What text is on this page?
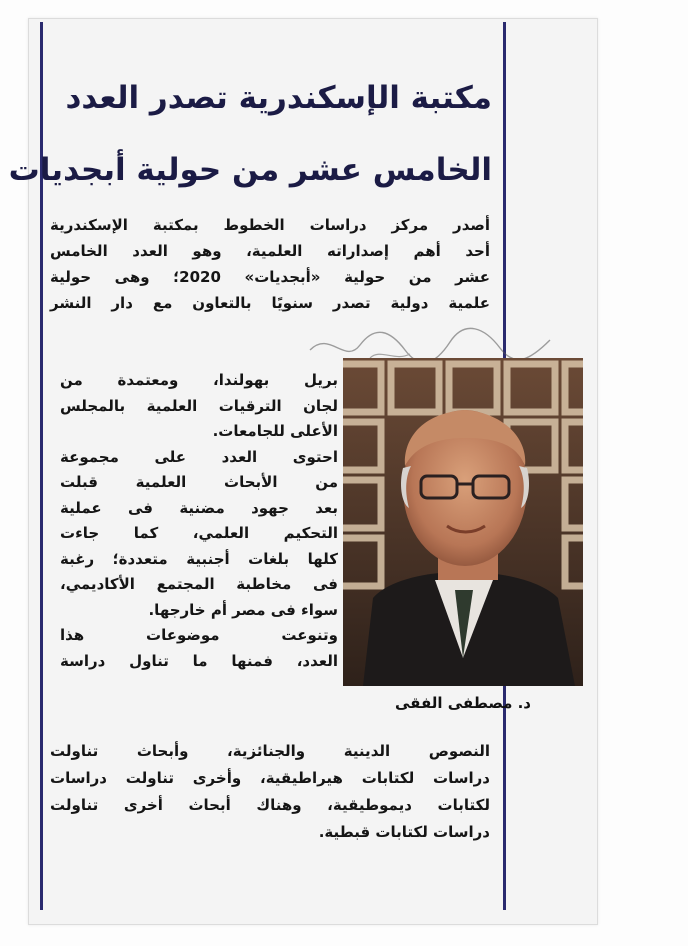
مكتبة الإسكندرية تصدر العدد
الخامس عشر من حولية أبجديات
أصدر مركز دراسات الخطوط بمكتبة الإسكندرية
أحد أهم إصداراته العلمية، وهو العدد الخامس
عشر من حولية «أبجديات» 2020؛ وهى حولية
علمية دولية تصدر سنويًا بالتعاون مع دار النشر
بريل بهولندا، ومعتمدة من
لجان الترقيات العلمية بالمجلس
الأعلى للجامعات.
احتوى العدد على مجموعة
من الأبحاث العلمية قبلت
بعد جهود مضنية فى عملية
التحكيم العلمي، كما جاءت
كلها بلغات أجنبية متعددة؛ رغبة
فى مخاطبة المجتمع الأكاديمي،
سواء فى مصر أم خارجها.
وتنوعت موضوعات هذا
العدد، فمنها ما تناول دراسة
النصوص الدينية والجنائزية، وأبحاث تناولت
دراسات لكتابات هيراطيقية، وأخرى تناولت دراسات
لكتابات ديموطيقية، وهناك أبحاث أخرى تناولت
دراسات لكتابات قبطية.
د. مصطفى الفقى
